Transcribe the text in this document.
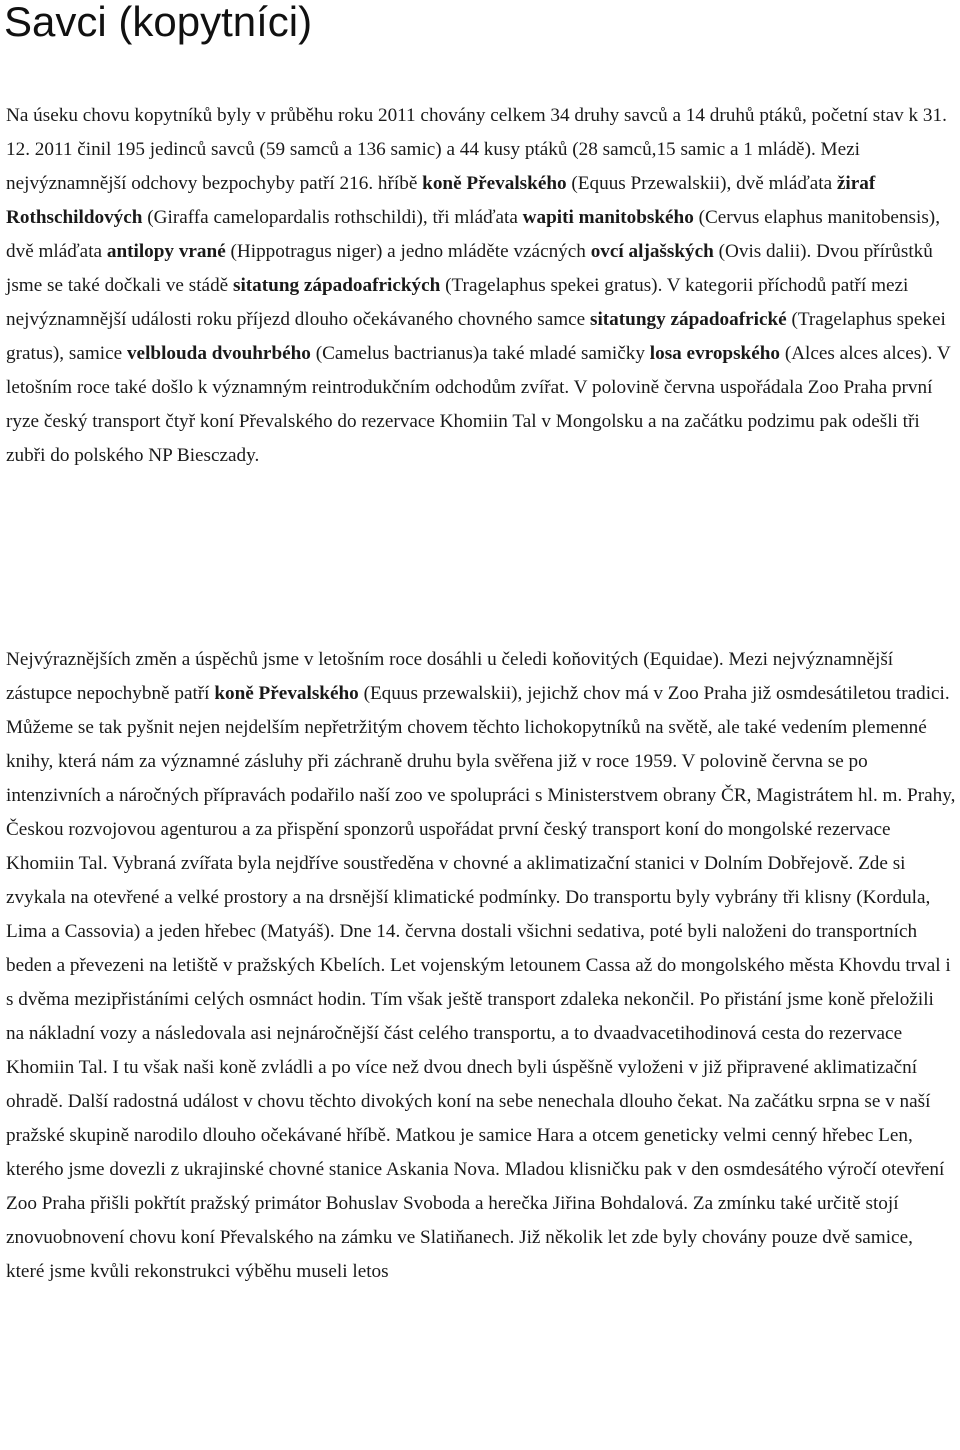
Savci (kopytníci)

Na úseku chovu kopytníků byly v průběhu roku 2011 chovány celkem 34 druhy savců a 14 druhů ptáků, početní stav k 31. 12. 2011 činil 195 jedinců savců (59 samců a 136 samic) a 44 kusy ptáků (28 samců,15 samic a 1 mládě). Mezi nejvýznamnější odchovy bezpochyby patří 216. hříbě koně Převalského (Equus Przewalskii), dvě mláďata žiraf Rothschildových (Giraffa camelopardalis rothschildi), tři mláďata wapiti manitobského (Cervus elaphus manitobensis), dvě mláďata antilopy vrané (Hippotragus niger) a jedno mláděte vzácných ovcí aljašských (Ovis dalii). Dvou přírůstků jsme se také dočkali ve stádě sitatung západoafrických (Tragelaphus spekei gratus). V kategorii příchodů patří mezi nejvýznamnější události roku příjezd dlouho očekávaného chovného samce sitatungy západoafrické (Tragelaphus spekei gratus), samice velblouda dvouhrbého (Camelus bactrianus)a také mladé samičky losa evropského (Alces alces alces). V letošním roce také došlo k významným reintrodukčním odchodům zvířat. V polovině června uspořádala Zoo Praha první ryze český transport čtyř koní Převalského do rezervace Khomiin Tal v Mongolsku a na začátku podzimu pak odešli tři zubři do polského NP Biesczady.

Nejvýraznějších změn a úspěchů jsme v letošním roce dosáhli u čeledi koňovitých (Equidae). Mezi nejvýznamnější zástupce nepochybně patří koně Převalského (Equus przewalskii), jejichž chov má v Zoo Praha již osmdesátiletou tradici. Můžeme se tak pyšnit nejen nejdelším nepřetržitým chovem těchto lichokopytníků na světě, ale také vedením plemenné knihy, která nám za významné zásluhy při záchraně druhu byla svěřena již v roce 1959. V polovině června se po intenzivních a náročných přípravách podařilo naší zoo ve spolupráci s Ministerstvem obrany ČR, Magistrátem hl. m. Prahy, Českou rozvojovou agenturou a za přispění sponzorů uspořádat první český transport koní do mongolské rezervace Khomiin Tal. Vybraná zvířata byla nejdříve soustředěna v chovné a aklimatizační stanici v Dolním Dobřejově. Zde si zvykala na otevřené a velké prostory a na drsnější klimatické podmínky. Do transportu byly vybrány tři klisny (Kordula, Lima a Cassovia) a jeden hřebec (Matyáš). Dne 14. června dostali všichni sedativa, poté byli naloženi do transportních beden a převezeni na letiště v pražských Kbelích. Let vojenským letounem Cassa až do mongolského města Khovdu trval i s dvěma mezipřistáními celých osmnáct hodin. Tím však ještě transport zdaleka nekončil. Po přistání jsme koně přeložili na nákladní vozy a následovala asi nejnáročnější část celého transportu, a to dvaadvacetihodinová cesta do rezervace Khomiin Tal. I tu však naši koně zvládli a po více než dvou dnech byli úspěšně vyloženi v již připravené aklimatizační ohradě. Další radostná událost v chovu těchto divokých koní na sebe nenechala dlouho čekat. Na začátku srpna se v naší pražské skupině narodilo dlouho očekávané hříbě. Matkou je samice Hara a otcem geneticky velmi cenný hřebec Len, kterého jsme dovezli z ukrajinské chovné stanice Askania Nova. Mladou klisničku pak v den osmdesátého výročí otevření Zoo Praha přišli pokřtít pražský primátor Bohuslav Svoboda a herečka Jiřina Bohdalová. Za zmínku také určitě stojí znovuobnovení chovu koní Převalského na zámku ve Slatiňanech. Již několik let zde byly chovány pouze dvě samice, které jsme kvůli rekonstrukci výběhu museli letos
